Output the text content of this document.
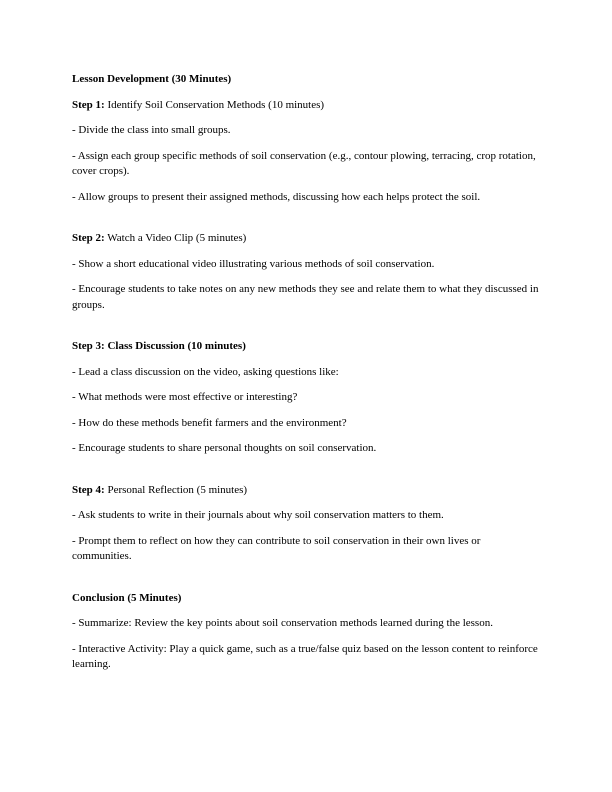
Lesson Development (30 Minutes)

Step 1: Identify Soil Conservation Methods (10 minutes)

- Divide the class into small groups.

- Assign each group specific methods of soil conservation (e.g., contour plowing, terracing, crop rotation, cover crops).

- Allow groups to present their assigned methods, discussing how each helps protect the soil.

Step 2: Watch a Video Clip (5 minutes)

- Show a short educational video illustrating various methods of soil conservation.

- Encourage students to take notes on any new methods they see and relate them to what they discussed in groups.

Step 3: Class Discussion (10 minutes)

- Lead a class discussion on the video, asking questions like:

- What methods were most effective or interesting?

- How do these methods benefit farmers and the environment?

- Encourage students to share personal thoughts on soil conservation.

Step 4: Personal Reflection (5 minutes)

- Ask students to write in their journals about why soil conservation matters to them.

- Prompt them to reflect on how they can contribute to soil conservation in their own lives or communities.

Conclusion (5 Minutes)

- Summarize: Review the key points about soil conservation methods learned during the lesson.

- Interactive Activity: Play a quick game, such as a true/false quiz based on the lesson content to reinforce learning.
